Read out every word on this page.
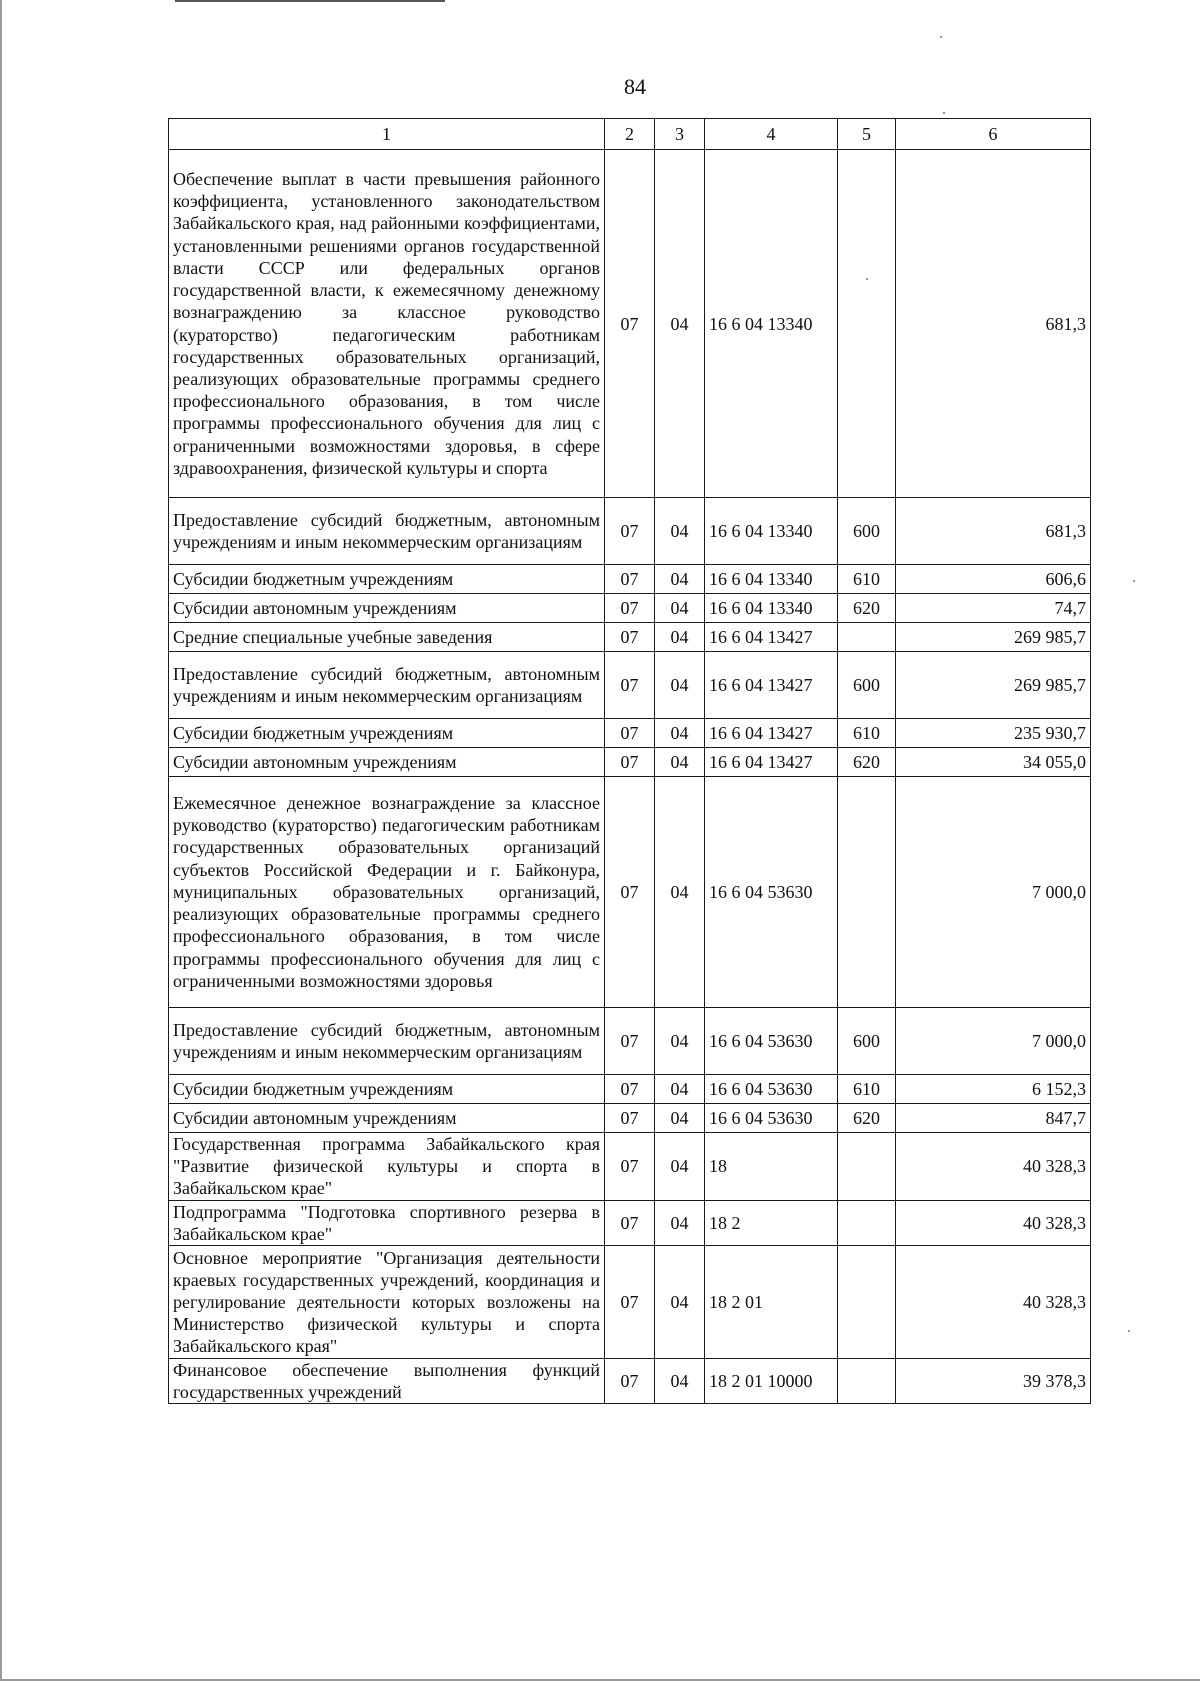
84
1	2	3	4	5	6
Обеспечение выплат в части превышения районного коэффициента, установленного законодательством Забайкальского края, над районными коэффициентами, установленными решениями органов государственной власти СССР или федеральных органов государственной власти, к ежемесячному денежному вознаграждению за классное руководство (кураторство) педагогическим работникам государственных образовательных организаций, реализующих образовательные программы среднего профессионального образования, в том числе программы профессионального обучения для лиц с ограниченными возможностями здоровья, в сфере здравоохранения, физической культуры и спорта	07	04	16 6 04 13340		681,3
Предоставление субсидий бюджетным, автономным учреждениям и иным некоммерческим организациям	07	04	16 6 04 13340	600	681,3
Субсидии бюджетным учреждениям	07	04	16 6 04 13340	610	606,6
Субсидии автономным учреждениям	07	04	16 6 04 13340	620	74,7
Средние специальные учебные заведения	07	04	16 6 04 13427		269 985,7
Предоставление субсидий бюджетным, автономным учреждениям и иным некоммерческим организациям	07	04	16 6 04 13427	600	269 985,7
Субсидии бюджетным учреждениям	07	04	16 6 04 13427	610	235 930,7
Субсидии автономным учреждениям	07	04	16 6 04 13427	620	34 055,0
Ежемесячное денежное вознаграждение за классное руководство (кураторство) педагогическим работникам государственных образовательных организаций субъектов Российской Федерации и г. Байконура, муниципальных образовательных организаций, реализующих образовательные программы среднего профессионального образования, в том числе программы профессионального обучения для лиц с ограниченными возможностями здоровья	07	04	16 6 04 53630		7 000,0
Предоставление субсидий бюджетным, автономным учреждениям и иным некоммерческим организациям	07	04	16 6 04 53630	600	7 000,0
Субсидии бюджетным учреждениям	07	04	16 6 04 53630	610	6 152,3
Субсидии автономным учреждениям	07	04	16 6 04 53630	620	847,7
Государственная программа Забайкальского края "Развитие физической культуры и спорта в Забайкальском крае"	07	04	18		40 328,3
Подпрограмма "Подготовка спортивного резерва в Забайкальском крае"	07	04	18 2		40 328,3
Основное мероприятие "Организация деятельности краевых государственных учреждений, координация и регулирование деятельности которых возложены на Министерство физической культуры и спорта Забайкальского края"	07	04	18 2 01		40 328,3
Финансовое обеспечение выполнения функций государственных учреждений	07	04	18 2 01 10000		39 378,3
